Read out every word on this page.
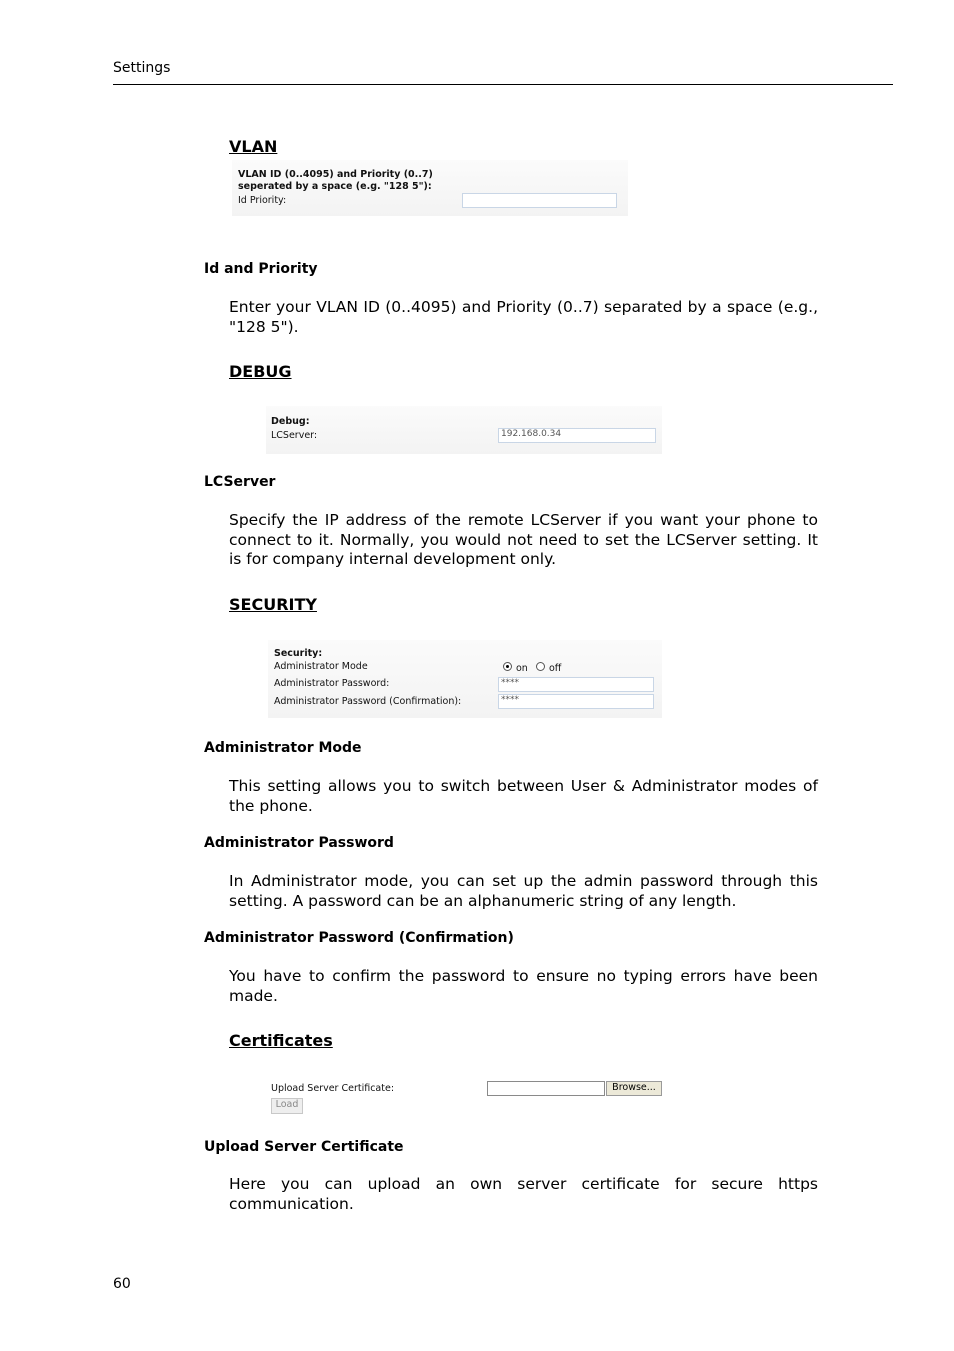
Settings
VLAN
VLAN ID (0..4095) and Priority (0..7)
seperated by a space (e.g. "128 5"):
Id Priority:
Id and Priority
Enter your VLAN ID (0..4095) and Priority (0..7) separated by a space (e.g., "128 5").
DEBUG
Debug:
LCServer:	192.168.0.34
LCServer
Specify the IP address of the remote LCServer if you want your phone to connect to it. Normally, you would not need to set the LCServer setting. It is for company internal development only.
SECURITY
Security:
Administrator Mode	on off
Administrator Password:	****
Administrator Password (Confirmation):	****
Administrator Mode
This setting allows you to switch between User & Administrator modes of the phone.
Administrator Password
In Administrator mode, you can set up the admin password through this setting. A password can be an alphanumeric string of any length.
Administrator Password (Confirmation)
You have to confirm the password to ensure no typing errors have been made.
Certificates
Upload Server Certificate:	Browse...
Load
Upload Server Certificate
Here you can upload an own server certificate for secure https communication.
60
